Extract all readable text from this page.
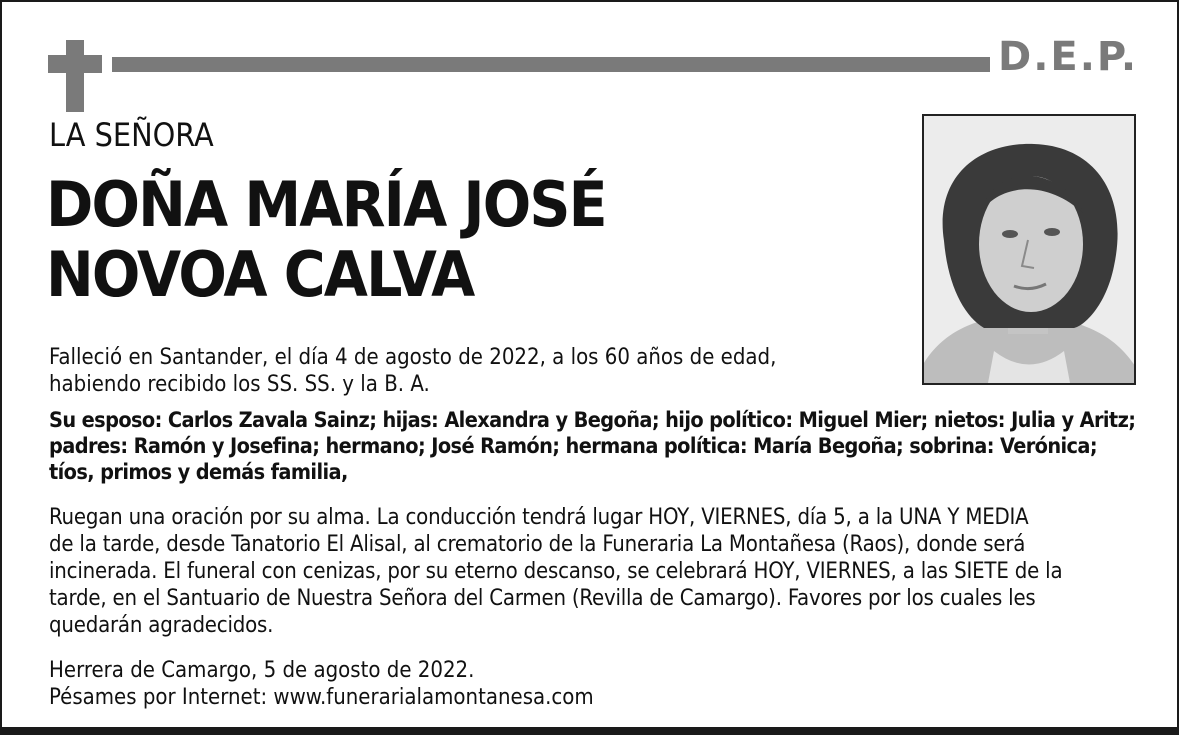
D.E.P.
LA SEÑORA
DOÑA MARÍA JOSÉ
NOVOA CALVA
Falleció en Santander, el día 4 de agosto de 2022, a los 60 años de edad,
habiendo recibido los SS. SS. y la B. A.
Su esposo: Carlos Zavala Sainz; hijas: Alexandra y Begoña; hijo político: Miguel Mier; nietos: Julia y Aritz;
padres: Ramón y Josefina; hermano; José Ramón; hermana política: María Begoña; sobrina: Verónica;
tíos, primos y demás familia,
Ruegan una oración por su alma. La conducción tendrá lugar HOY, VIERNES, día 5, a la UNA Y MEDIA
de la tarde, desde Tanatorio El Alisal, al crematorio de la Funeraria La Montañesa (Raos), donde será
incinerada. El funeral con cenizas, por su eterno descanso, se celebrará HOY, VIERNES, a las SIETE de la
tarde, en el Santuario de Nuestra Señora del Carmen (Revilla de Camargo). Favores por los cuales les
quedarán agradecidos.
Herrera de Camargo, 5 de agosto de 2022.
Pésames por Internet: www.funerarialamontanesa.com
